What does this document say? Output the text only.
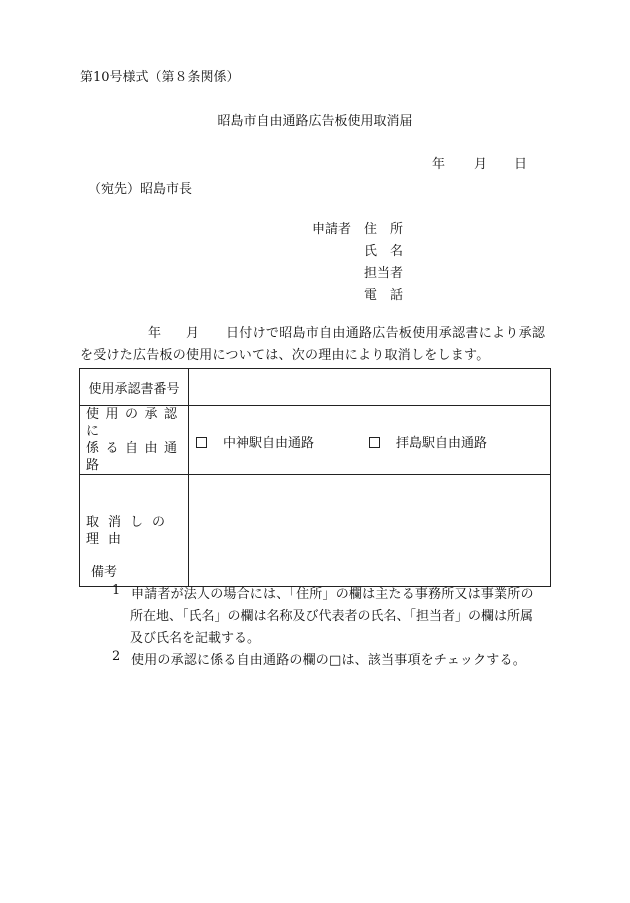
第10号様式（第８条関係）
昭島市自由通路広告板使用取消届
年 月 日
（宛先）昭島市長
申請者 住　所
氏　名
担当者
電　話
年 月 日付けで昭島市自由通路広告板使用承認書により承認
を受けた広告板の使用については、次の理由により取消しをします。
使用承認書番号	

使用の承認に
係る自由通路	中神駅自由通路 拝島駅自由通路

取消しの理由	

備考
1 申請者が法人の場合には、「住所」の欄は主たる事務所又は事業所の
所在地、「氏名」の欄は名称及び代表者の氏名、「担当者」の欄は所属
及び氏名を記載する。
2 使用の承認に係る自由通路の欄の□は、該当事項をチェックする。
